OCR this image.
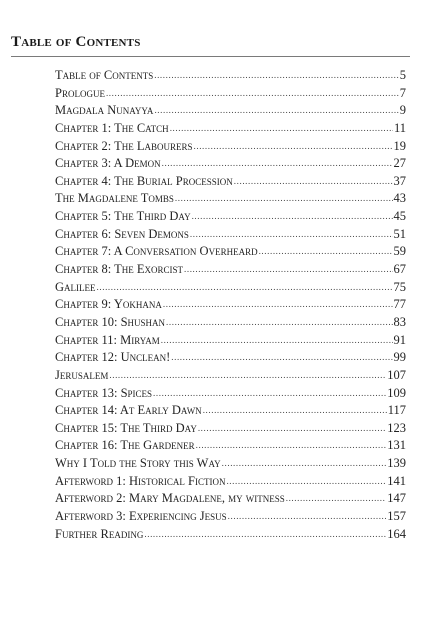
Table of Contents
Table of Contents .....	5
Prologue .....	7
Magdala Nunayya .....	9
Chapter 1: The Catch .....	11
Chapter 2: The Labourers .....	19
Chapter 3: A Demon .....	27
Chapter 4: The Burial Procession .....	37
The Magdalene Tombs .....	43
Chapter 5: The Third Day .....	45
Chapter 6: Seven Demons .....	51
Chapter 7: A Conversation Overheard .....	59
Chapter 8: The Exorcist .....	67
Galilee .....	75
Chapter 9: Yokhana .....	77
Chapter 10: Shushan .....	83
Chapter 11: Miryam .....	91
Chapter 12: Unclean! .....	99
Jerusalem .....	107
Chapter 13: Spices .....	109
Chapter 14: At Early Dawn .....	117
Chapter 15: The Third Day .....	123
Chapter 16: The Gardener .....	131
Why I Told the Story this Way .....	139
Afterword 1: Historical Fiction .....	141
Afterword 2: Mary Magdalene, my witness .....	147
Afterword 3: Experiencing Jesus .....	157
Further Reading .....	164
